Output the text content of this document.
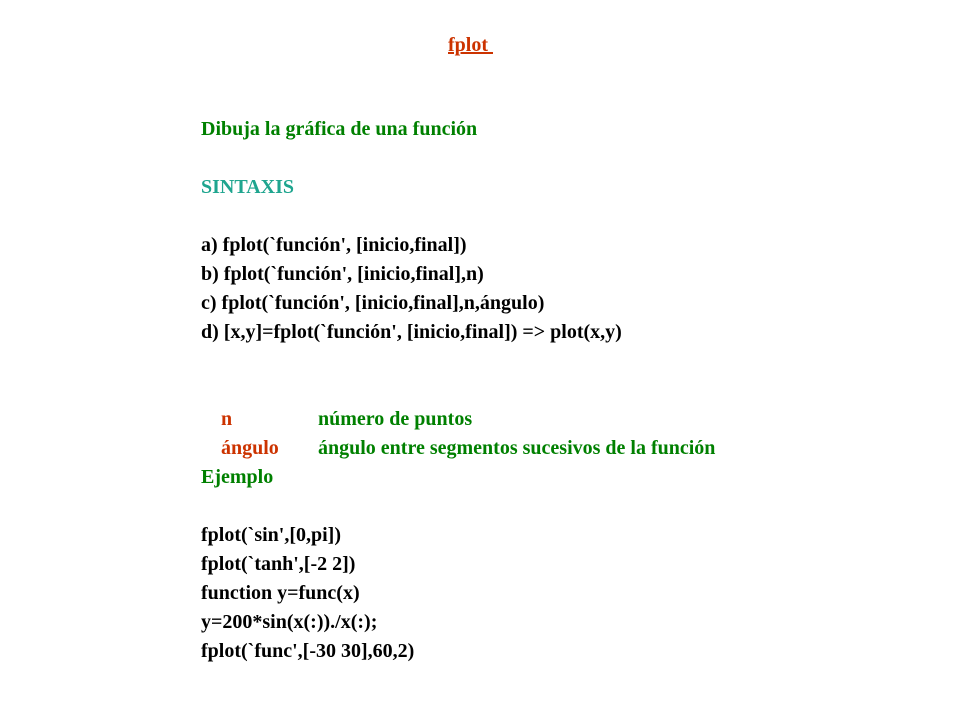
fplot
Dibuja la gráfica de una función
SINTAXIS
a) fplot(`función', [inicio,final])
b) fplot(`función', [inicio,final],n)
c) fplot(`función', [inicio,final],n,ángulo)
d) [x,y]=fplot(`función', [inicio,final]) => plot(x,y)

n	número de puntos

ángulo ángulo entre segmentos sucesivos de la función

Ejemplo
fplot(`sin',[0,pi])
fplot(`tanh',[-2 2])
function y=func(x)
y=200*sin(x(:))./x(:);
fplot(`func',[-30 30],60,2)
